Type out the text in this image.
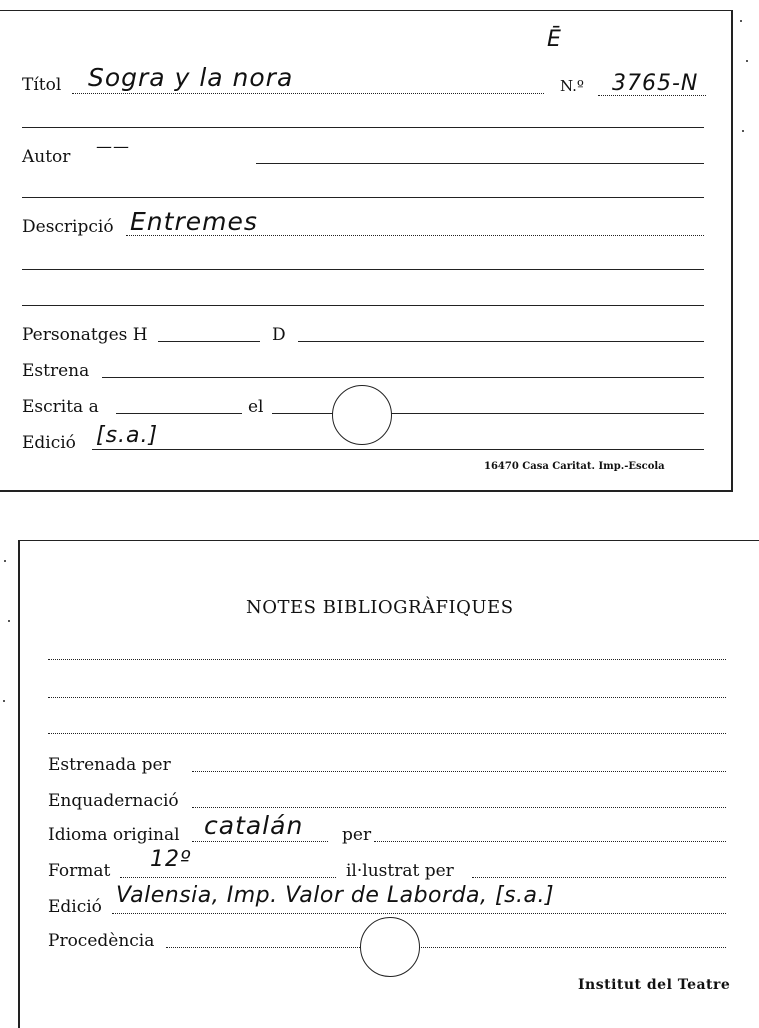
Ē
Títol Sogra y la nora	N.º 3765-N
Autor
——
Descripció Entremes
Personatges H	D
Estrena
Escrita a	el
Edició [s.a.]
16470 Casa Caritat. Imp.-Escola
NOTES BIBLIOGRÀFIQUES
Estrenada per
Enquadernació
Idioma original catalán per
Format 12º	il·lustrat per
Edició Valensia, Imp. Valor de Laborda, [s.a.]
Procedència
Institut del Teatre
